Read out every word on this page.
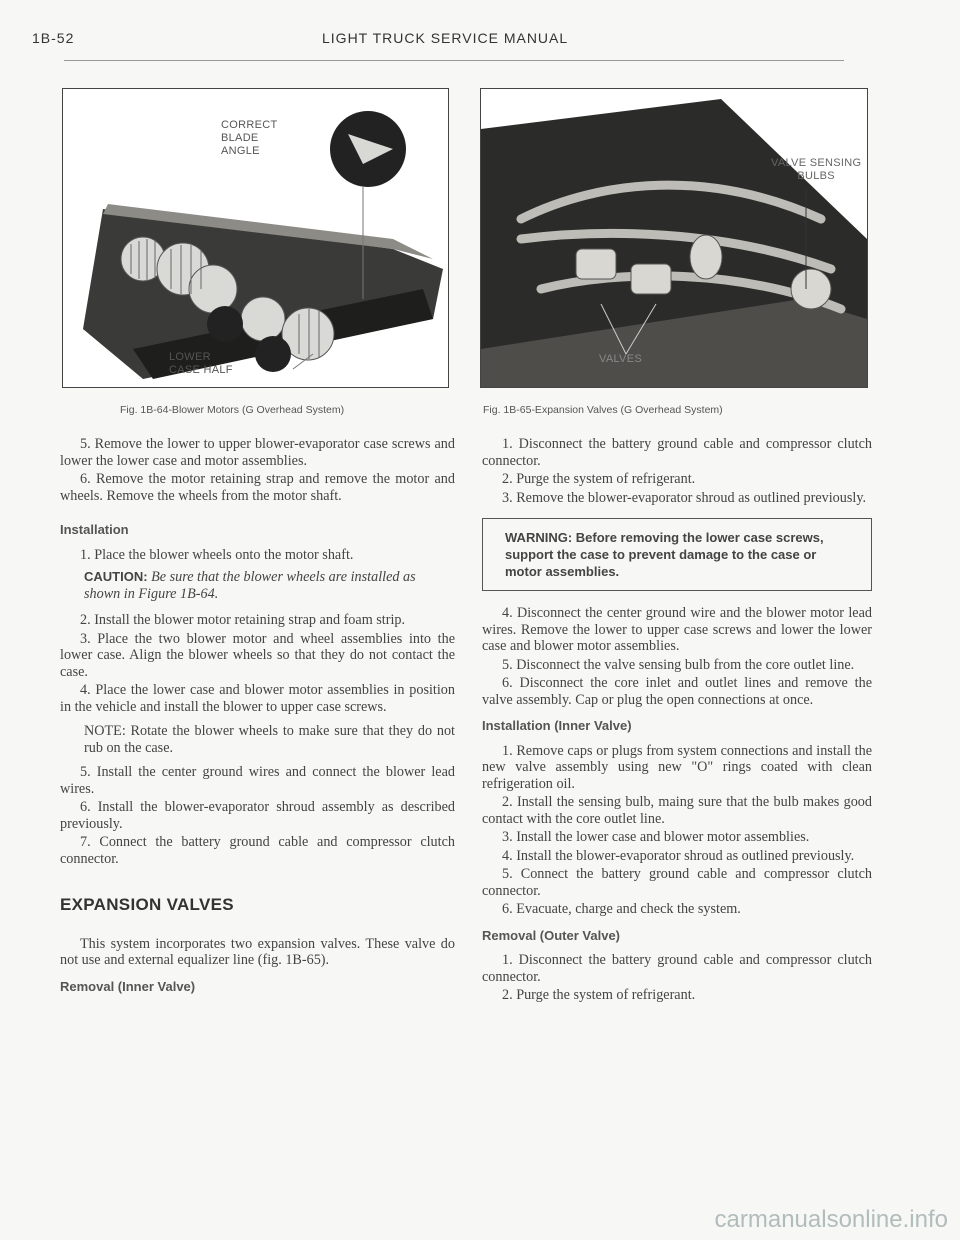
1B-52	LIGHT TRUCK SERVICE MANUAL
CORRECT
BLADE
ANGLE
LOWER
CASE HALF
Fig. 1B-64-Blower Motors (G Overhead System)
VALVE SENSING
BULBS
VALVES
Fig. 1B-65-Expansion Valves (G Overhead System)

5. Remove the lower to upper blower-evaporator case screws and lower the lower case and motor assemblies.

6. Remove the motor retaining strap and remove the motor and wheels. Remove the wheels from the motor shaft.

Installation

1. Place the blower wheels onto the motor shaft.

CAUTION: Be sure that the blower wheels are installed as shown in Figure 1B-64.

2. Install the blower motor retaining strap and foam strip.

3. Place the two blower motor and wheel assemblies into the lower case. Align the blower wheels so that they do not contact the case.

4. Place the lower case and blower motor assemblies in position in the vehicle and install the blower to upper case screws.

NOTE: Rotate the blower wheels to make sure that they do not rub on the case.

5. Install the center ground wires and connect the blower lead wires.

6. Install the blower-evaporator shroud assembly as described previously.

7. Connect the battery ground cable and compressor clutch connector.

EXPANSION VALVES

This system incorporates two expansion valves. These valve do not use and external equalizer line (fig. 1B-65).

Removal (Inner Valve)

1. Disconnect the battery ground cable and compressor clutch connector.

2. Purge the system of refrigerant.

3. Remove the blower-evaporator shroud as outlined previously.

WARNING: Before removing the lower case screws, support the case to prevent damage to the case or motor assemblies.

4. Disconnect the center ground wire and the blower motor lead wires. Remove the lower to upper case screws and lower the lower case and blower motor assemblies.

5. Disconnect the valve sensing bulb from the core outlet line.

6. Disconnect the core inlet and outlet lines and remove the valve assembly. Cap or plug the open connections at once.

Installation (Inner Valve)

1. Remove caps or plugs from system connections and install the new valve assembly using new "O" rings coated with clean refrigeration oil.

2. Install the sensing bulb, maing sure that the bulb makes good contact with the core outlet line.

3. Install the lower case and blower motor assemblies.

4. Install the blower-evaporator shroud as outlined previously.

5. Connect the battery ground cable and compressor clutch connector.

6. Evacuate, charge and check the system.

Removal (Outer Valve)

1. Disconnect the battery ground cable and compressor clutch connector.

2. Purge the system of refrigerant.

carmanualsonline.info
